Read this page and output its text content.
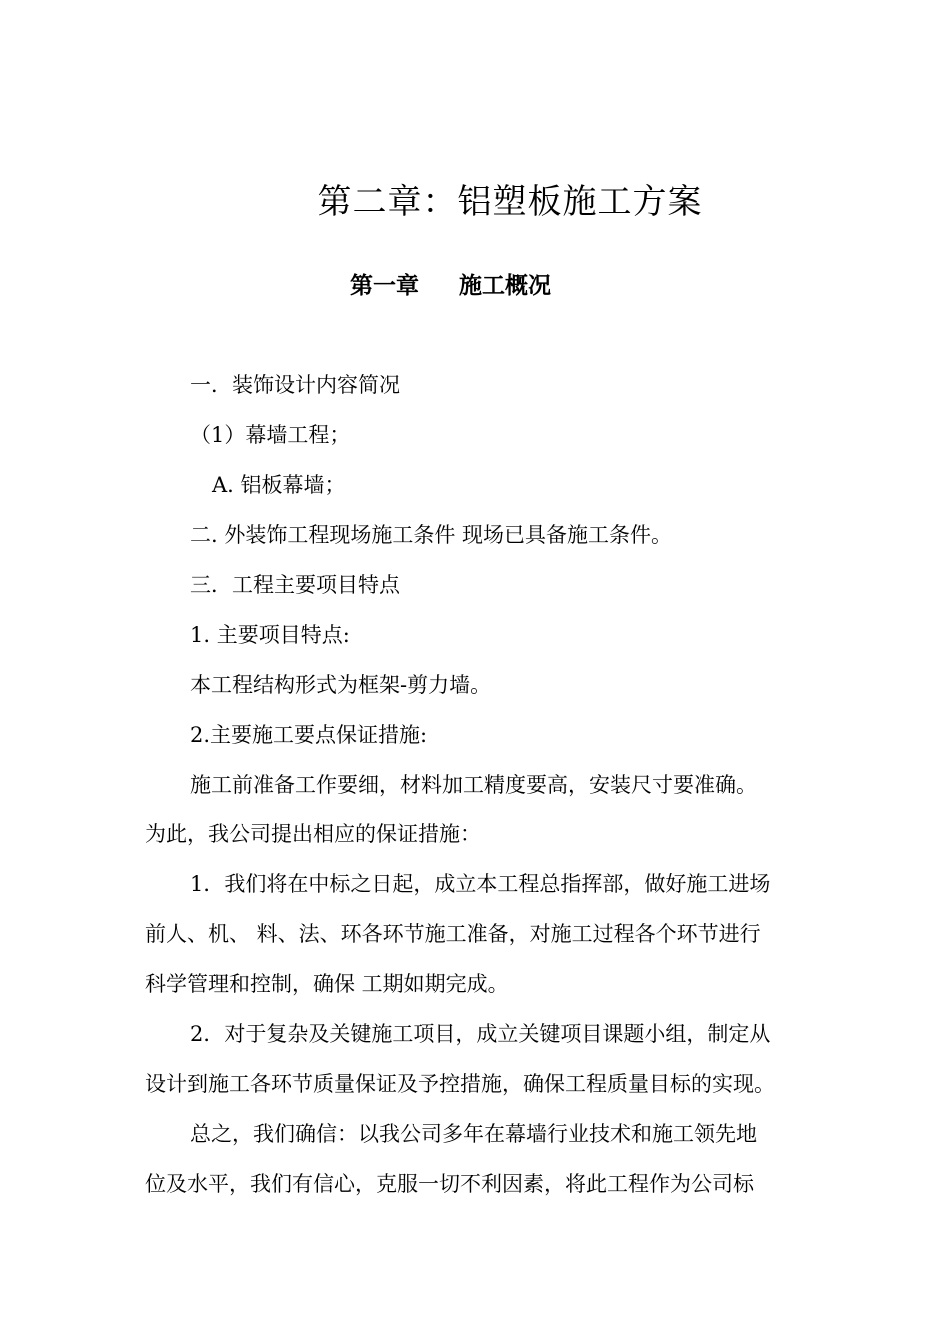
第二章：铝塑板施工方案
第一章 施工概况
一．装饰设计内容简况
（1）幕墙工程；
A. 铝板幕墙；
二. 外装饰工程现场施工条件 现场已具备施工条件。
三．工程主要项目特点
1. 主要项目特点:
本工程结构形式为框架-剪力墙。
2.主要施工要点保证措施:
施工前准备工作要细，材料加工精度要高，安装尺寸要准确。
为此，我公司提出相应的保证措施：
1．我们将在中标之日起，成立本工程总指挥部，做好施工进场
前人、机、 料、法、环各环节施工准备，对施工过程各个环节进行
科学管理和控制，确保 工期如期完成。
2．对于复杂及关键施工项目，成立关键项目课题小组，制定从
设计到施工各环节质量保证及予控措施，确保工程质量目标的实现。
总之，我们确信：以我公司多年在幕墙行业技术和施工领先地
位及水平，我们有信心，克服一切不利因素，将此工程作为公司标
